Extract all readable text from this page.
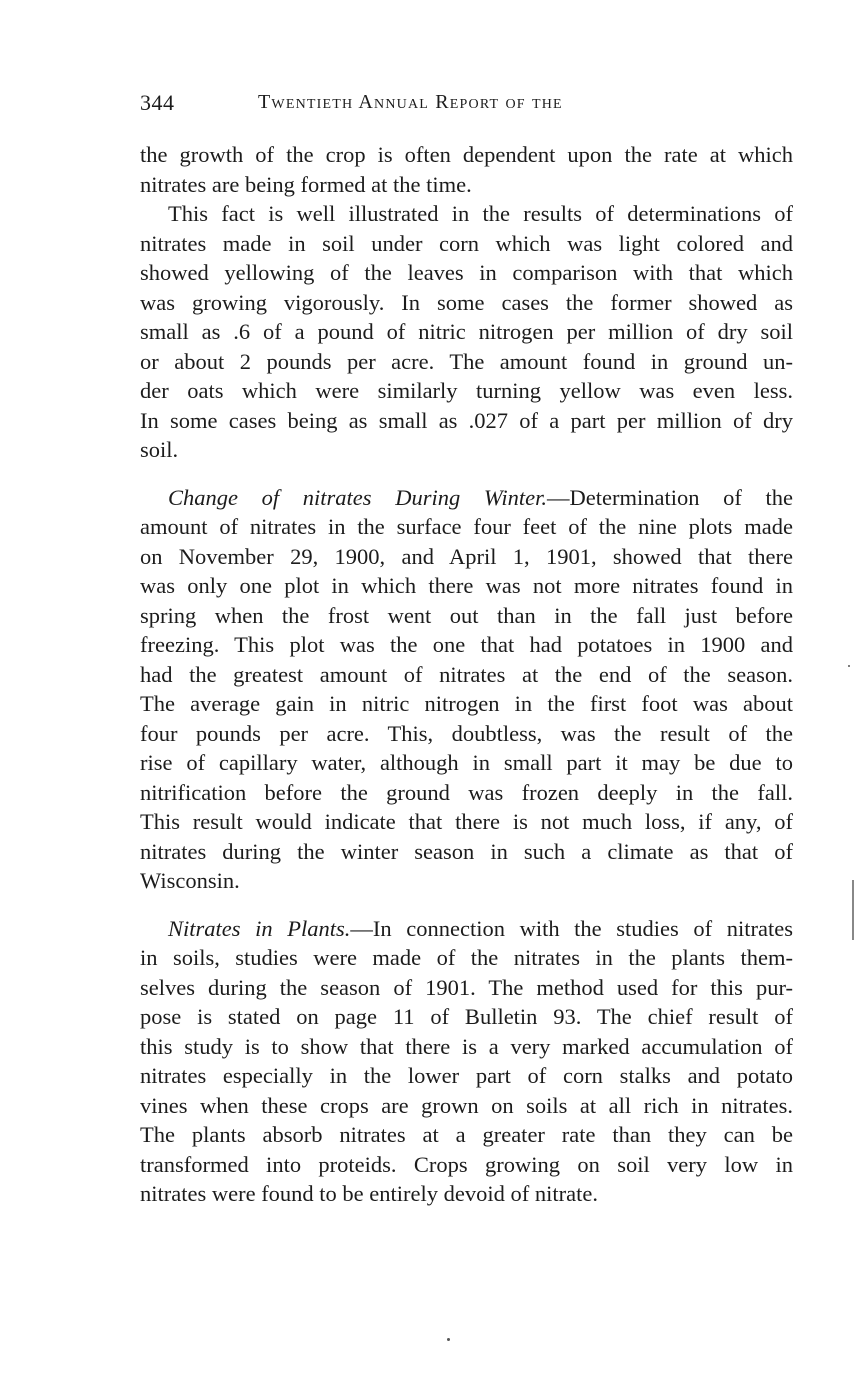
344	Twentieth Annual Report of the
the growth of the crop is often dependent upon the rate at which
nitrates are being formed at the time.
This fact is well illustrated in the results of determinations of
nitrates made in soil under corn which was light colored and
showed yellowing of the leaves in comparison with that which
was growing vigorously. In some cases the former showed as
small as .6 of a pound of nitric nitrogen per million of dry soil
or about 2 pounds per acre. The amount found in ground un-
der oats which were similarly turning yellow was even less.
In some cases being as small as .027 of a part per million of dry
soil.
Change of nitrates During Winter.—Determination of the
amount of nitrates in the surface four feet of the nine plots made
on November 29, 1900, and April 1, 1901, showed that there
was only one plot in which there was not more nitrates found in
spring when the frost went out than in the fall just before
freezing. This plot was the one that had potatoes in 1900 and
had the greatest amount of nitrates at the end of the season.
The average gain in nitric nitrogen in the first foot was about
four pounds per acre. This, doubtless, was the result of the
rise of capillary water, although in small part it may be due to
nitrification before the ground was frozen deeply in the fall.
This result would indicate that there is not much loss, if any, of
nitrates during the winter season in such a climate as that of
Wisconsin.
Nitrates in Plants.—In connection with the studies of nitrates
in soils, studies were made of the nitrates in the plants them-
selves during the season of 1901. The method used for this pur-
pose is stated on page 11 of Bulletin 93. The chief result of
this study is to show that there is a very marked accumulation of
nitrates especially in the lower part of corn stalks and potato
vines when these crops are grown on soils at all rich in nitrates.
The plants absorb nitrates at a greater rate than they can be
transformed into proteids. Crops growing on soil very low in
nitrates were found to be entirely devoid of nitrate.
